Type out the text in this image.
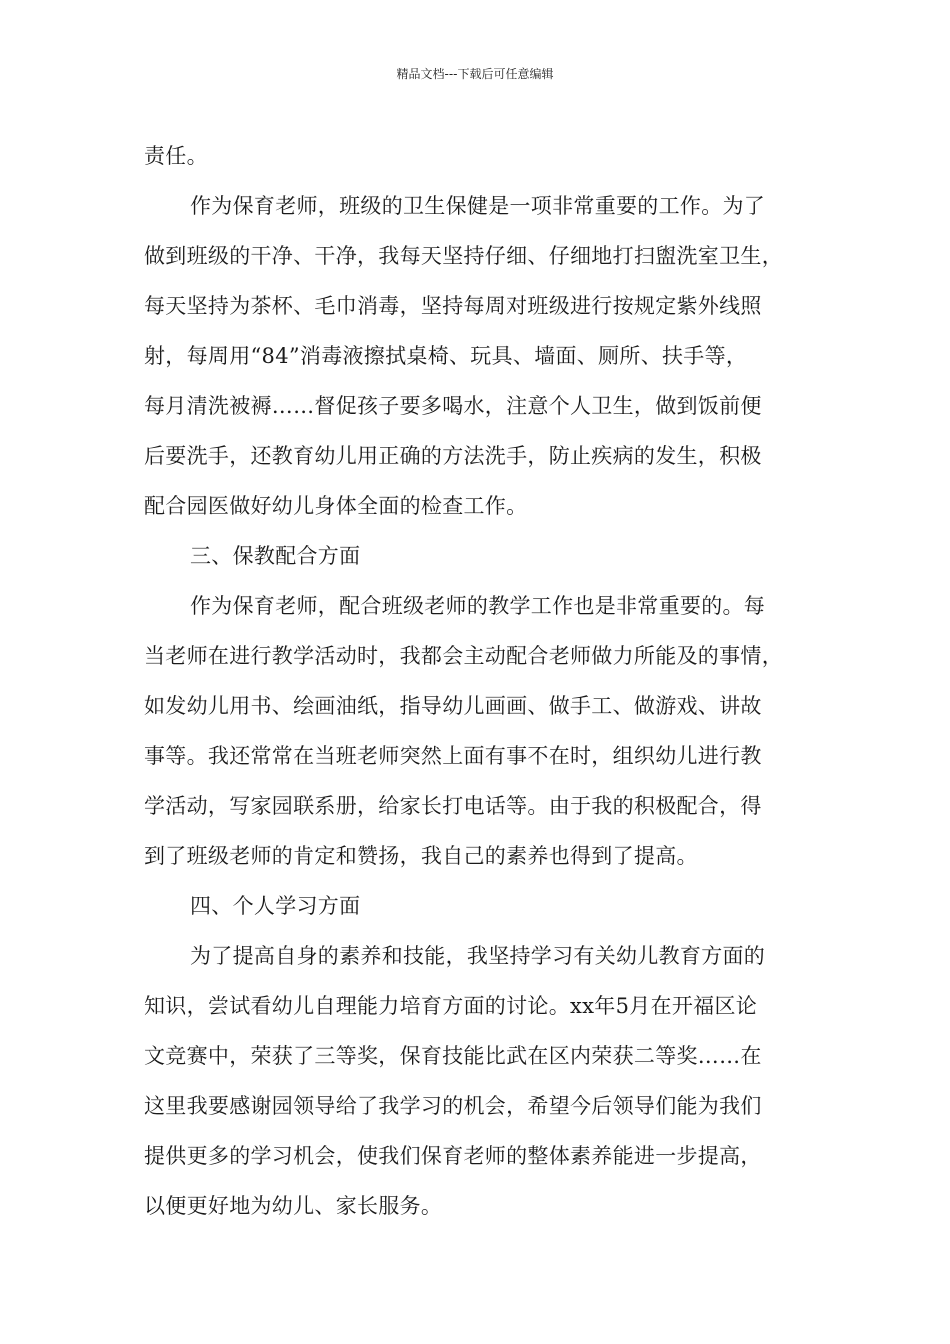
精品文档---下载后可任意编辑
责任。
作为保育老师，班级的卫生保健是一项非常重要的工作。为了
做到班级的干净、干净，我每天坚持仔细、仔细地打扫盥洗室卫生，
每天坚持为茶杯、毛巾消毒，坚持每周对班级进行按规定紫外线照
射，每周用“84”消毒液擦拭桌椅、玩具、墙面、厕所、扶手等，
每月清洗被褥……督促孩子要多喝水，注意个人卫生，做到饭前便
后要洗手，还教育幼儿用正确的方法洗手，防止疾病的发生，积极
配合园医做好幼儿身体全面的检查工作。
三、保教配合方面
作为保育老师，配合班级老师的教学工作也是非常重要的。每
当老师在进行教学活动时，我都会主动配合老师做力所能及的事情，
如发幼儿用书、绘画油纸，指导幼儿画画、做手工、做游戏、讲故
事等。我还常常在当班老师突然上面有事不在时，组织幼儿进行教
学活动，写家园联系册，给家长打电话等。由于我的积极配合，得
到了班级老师的肯定和赞扬，我自己的素养也得到了提高。
四、个人学习方面
为了提高自身的素养和技能，我坚持学习有关幼儿教育方面的
知识，尝试看幼儿自理能力培育方面的讨论。xx年5月在开福区论
文竞赛中，荣获了三等奖，保育技能比武在区内荣获二等奖……在
这里我要感谢园领导给了我学习的机会，希望今后领导们能为我们
提供更多的学习机会，使我们保育老师的整体素养能进一步提高，
以便更好地为幼儿、家长服务。
